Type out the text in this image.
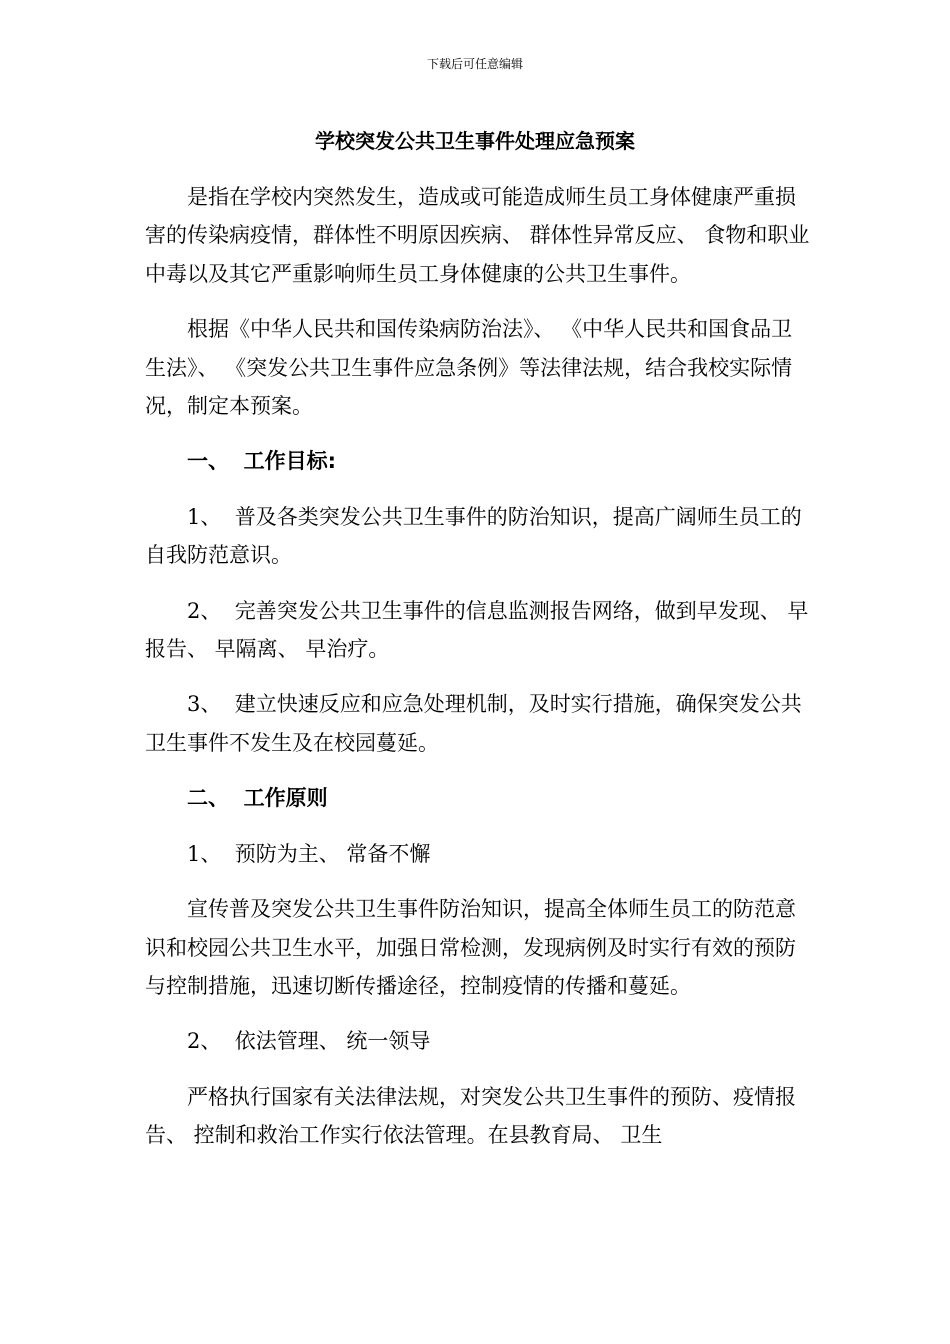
下载后可任意编辑
学校突发公共卫生事件处理应急预案

是指在学校内突然发生，造成或可能造成师生员工身体健康严重损害的传染病疫情，群体性不明原因疾病、 群体性异常反应、 食物和职业中毒以及其它严重影响师生员工身体健康的公共卫生事件。

根据《中华人民共和国传染病防治法》、 《中华人民共和国食品卫生法》、 《突发公共卫生事件应急条例》等法律法规，结合我校实际情况，制定本预案。

一、  工作目标:

1、  普及各类突发公共卫生事件的防治知识，提高广阔师生员工的自我防范意识。

2、  完善突发公共卫生事件的信息监测报告网络，做到早发现、 早报告、 早隔离、 早治疗。

3、  建立快速反应和应急处理机制，及时实行措施，确保突发公共卫生事件不发生及在校园蔓延。

二、  工作原则

1、  预防为主、 常备不懈

宣传普及突发公共卫生事件防治知识，提高全体师生员工的防范意识和校园公共卫生水平，加强日常检测，发现病例及时实行有效的预防与控制措施，迅速切断传播途径，控制疫情的传播和蔓延。

2、  依法管理、 统一领导

严格执行国家有关法律法规，对突发公共卫生事件的预防、疫情报告、 控制和救治工作实行依法管理。在县教育局、 卫生
